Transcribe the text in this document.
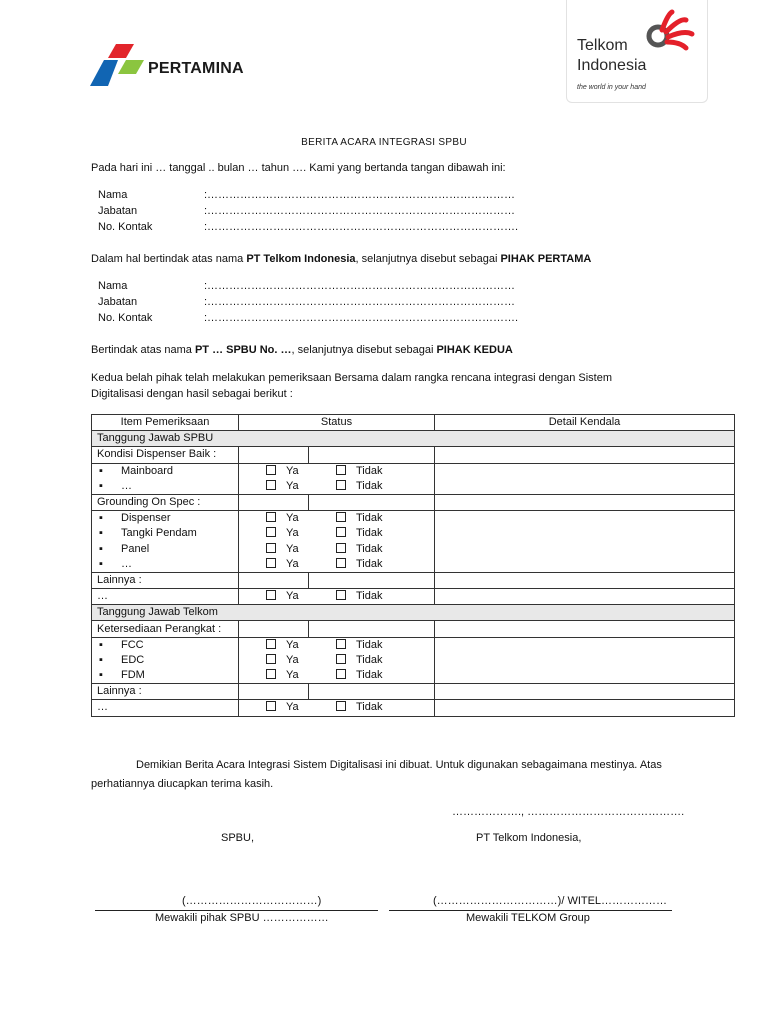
PERTAMINA
Telkom
Indonesia
the world in your hand
BERITA ACARA INTEGRASI SPBU
Pada hari ini … tanggal .. bulan … tahun …. Kami yang bertanda tangan dibawah ini:
Nama	:…………………………………………………………………………
Jabatan	:…………………………………………………………………………
No. Kontak	:………………………………………………………………………….
Dalam hal bertindak atas nama PT Telkom Indonesia, selanjutnya disebut sebagai PIHAK PERTAMA
Nama	:…………………………………………………………………………
Jabatan	:…………………………………………………………………………
No. Kontak	:………………………………………………………………………….
Bertindak atas nama PT … SPBU No. …, selanjutnya disebut sebagai PIHAK KEDUA
Kedua belah pihak telah melakukan pemeriksaan Bersama dalam rangka rencana integrasi dengan Sistem
Digitalisasi dengan hasil sebagai berikut :
Item Pemeriksaan	Status		Detail Kendala
Tanggung Jawab SPBU			
Kondisi Dispenser Baik :			
▪ Mainboard	Ya Tidak		
▪ …	Ya Tidak		
Grounding On Spec :			
▪ Dispenser	Ya Tidak		
▪ Tangki Pendam	Ya Tidak		
▪ Panel	Ya Tidak		
▪ …	Ya Tidak		
Lainnya :			
…	Ya Tidak		
Tanggung Jawab Telkom			
Ketersediaan Perangkat :			
▪ FCC	Ya Tidak		
▪ EDC	Ya Tidak		
▪ FDM	Ya Tidak		
Lainnya :			
…	Ya Tidak		
Demikian Berita Acara Integrasi Sistem Digitalisasi ini dibuat. Untuk digunakan sebagaimana mestinya. Atas
perhatiannya diucapkan terima kasih.
………………., …………………………………….
SPBU,	PT Telkom Indonesia,
(………………………………)	(……………………………)/ WITEL………………
Mewakili pihak SPBU ………………	Mewakili TELKOM Group
